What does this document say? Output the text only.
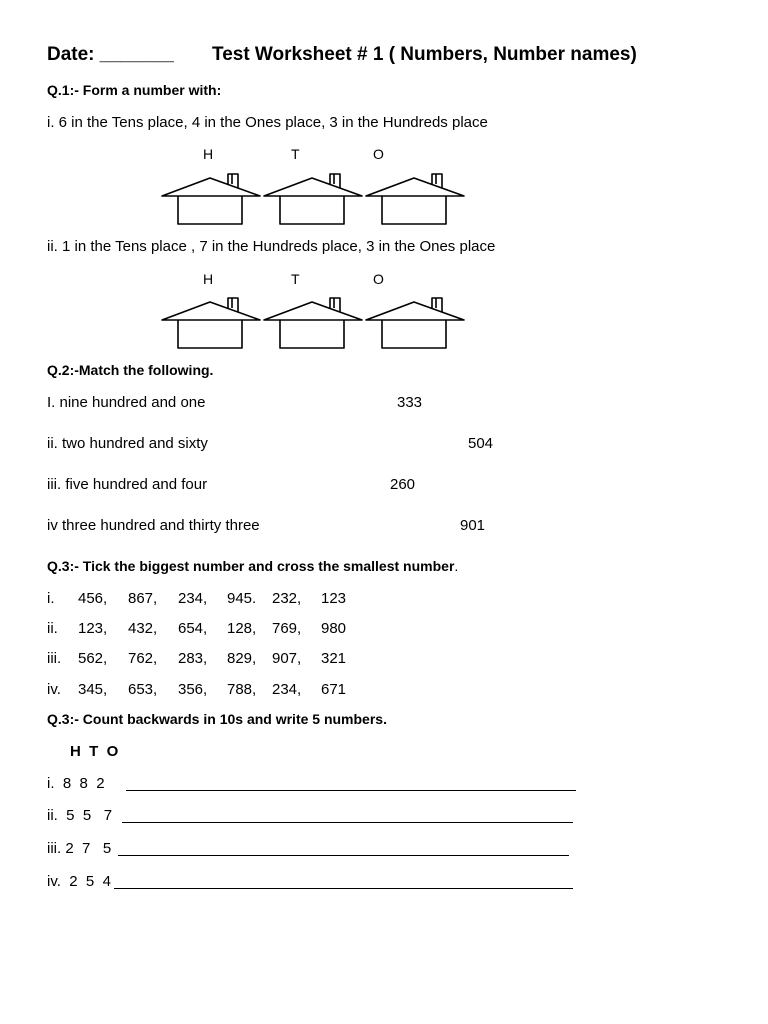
Date: _______ Test Worksheet # 1 ( Numbers, Number names)
Q.1:- Form a number with:
i. 6 in the Tens place, 4 in the Ones place, 3 in the Hundreds place
H	T	O
ii. 1 in the Tens place , 7 in the Hundreds place, 3 in the Ones place
H	T	O
Q.2:-Match the following.
I. nine hundred and one	333
ii. two hundred and sixty	504
iii. five hundred and four	260
iv three hundred and thirty three	901
Q.3:- Tick the biggest number and cross the smallest number.
i. 456, 867, 234, 945. 232, 123
ii. 123, 432, 654, 128, 769, 980
iii. 562, 762, 283, 829, 907, 321
iv. 345, 653, 356, 788, 234, 671
Q.3:- Count backwards in 10s and write 5 numbers.
H  T  O
i.  8  8  2
ii.  5  5   7
iii. 2  7   5
iv.  2  5  4
